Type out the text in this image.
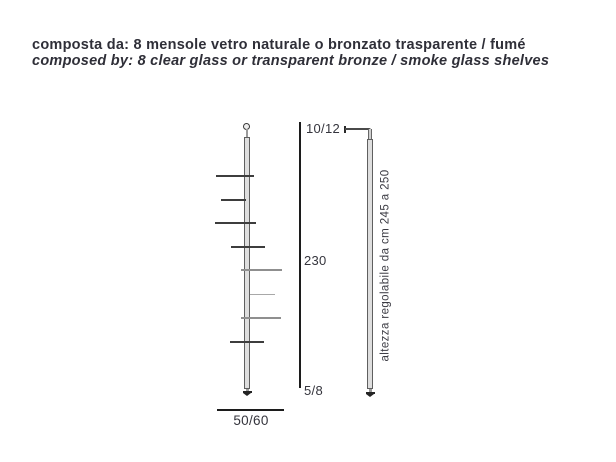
composta da: 8 mensole vetro naturale o bronzato trasparente / fumé
composed by: 8 clear glass or transparent bronze / smoke glass shelves
10/12
230
5/8
50/60
altezza regolabile da cm 245 a 250
